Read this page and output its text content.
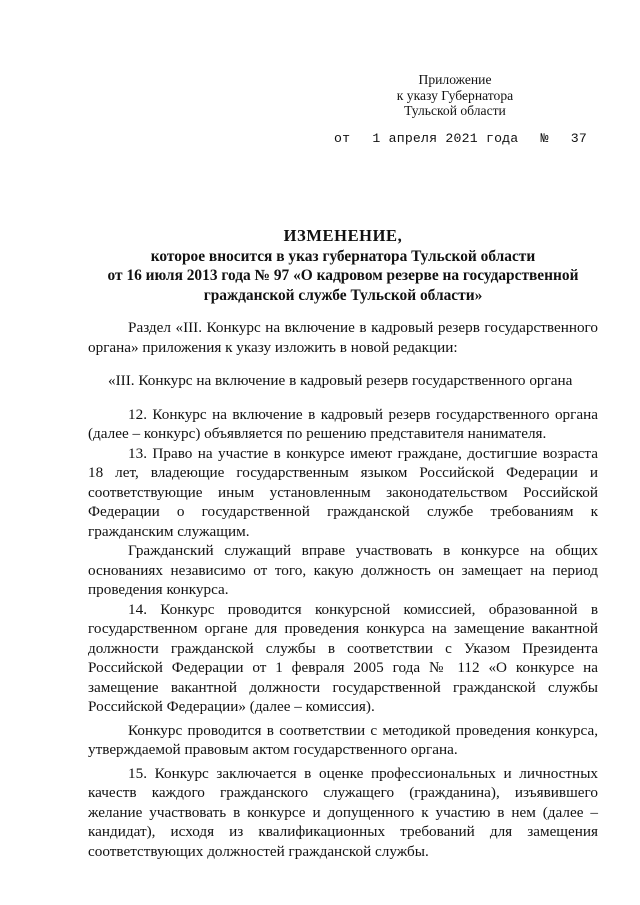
Приложение
к указу Губернатора
Тульской области
от 1 апреля 2021 года № 37
ИЗМЕНЕНИЕ,
которое вносится в указ губернатора Тульской области
от 16 июля 2013 года № 97 «О кадровом резерве на государственной
гражданской службе Тульской области»

Раздел «III. Конкурс на включение в кадровый резерв государственного органа» приложения к указу изложить в новой редакции:

«III. Конкурс на включение в кадровый резерв государственного органа

12. Конкурс на включение в кадровый резерв государственного органа (далее – конкурс) объявляется по решению представителя нанимателя.

13. Право на участие в конкурсе имеют граждане, достигшие возраста 18 лет, владеющие государственным языком Российской Федерации и соответствующие иным установленным законодательством Российской Федерации о государственной гражданской службе требованиям к гражданским служащим.

Гражданский служащий вправе участвовать в конкурсе на общих основаниях независимо от того, какую должность он замещает на период проведения конкурса.

14. Конкурс проводится конкурсной комиссией, образованной в государственном органе для проведения конкурса на замещение вакантной должности гражданской службы в соответствии с Указом Президента Российской Федерации от 1 февраля 2005 года № 112 «О конкурсе на замещение вакантной должности государственной гражданской службы Российской Федерации» (далее – комиссия).

Конкурс проводится в соответствии с методикой проведения конкурса, утверждаемой правовым актом государственного органа.

15. Конкурс заключается в оценке профессиональных и личностных качеств каждого гражданского служащего (гражданина), изъявившего желание участвовать в конкурсе и допущенного к участию в нем (далее – кандидат), исходя из квалификационных требований для замещения соответствующих должностей гражданской службы.
